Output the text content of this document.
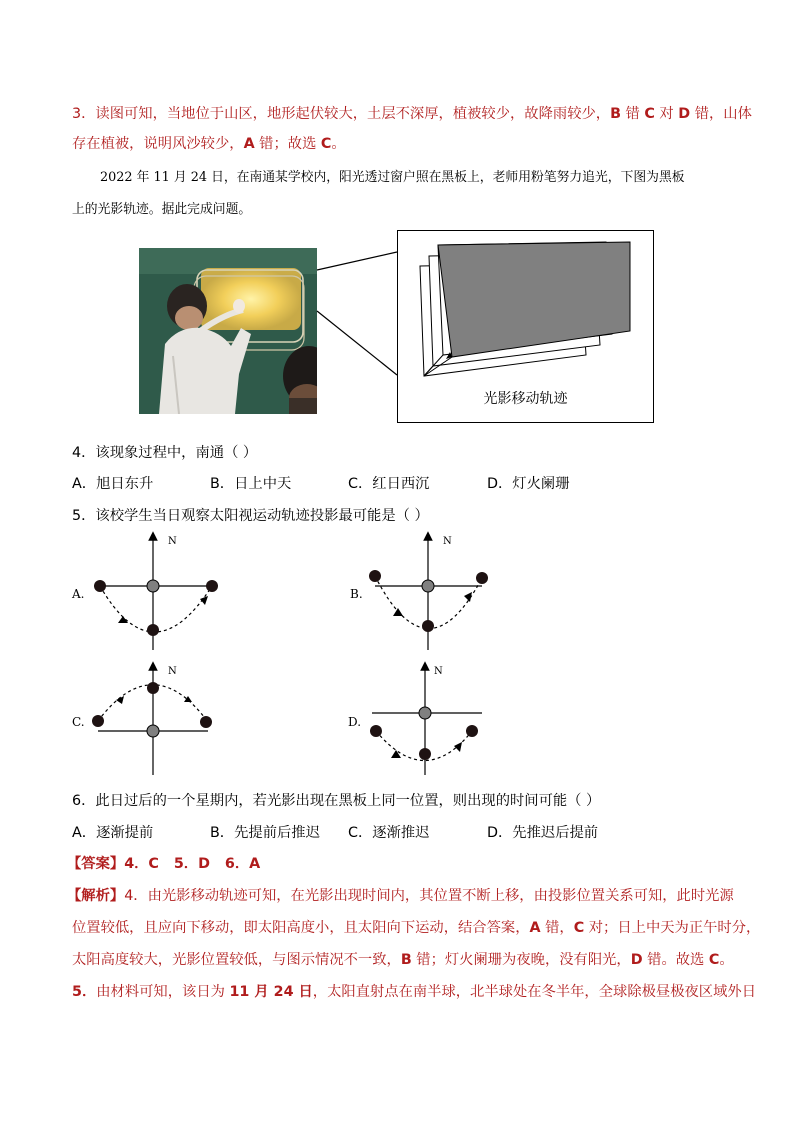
3．读图可知，当地位于山区，地形起伏较大，土层不深厚，植被较少，故降雨较少，B 错 C 对 D 错，山体
存在植被，说明风沙较少，A 错；故选 C。
2022 年 11 月 24 日，在南通某学校内，阳光透过窗户照在黑板上，老师用粉笔努力追光，下图为黑板
上的光影轨迹。据此完成问题。
光影移动轨迹
4．该现象过程中，南通（ ）
A．旭日东升	B．日上中天	C．红日西沉	D．灯火阑珊
5．该校学生当日观察太阳视运动轨迹投影最可能是（ ）
A.
N
B.
N
C.
N
D.
N
6．此日过后的一个星期内，若光影出现在黑板上同一位置，则出现的时间可能（ ）
A．逐渐提前	B．先提前后推迟 C．逐渐推迟	D．先推迟后提前
【答案】4．C   5．D   6．A
【解析】4．由光影移动轨迹可知，在光影出现时间内，其位置不断上移，由投影位置关系可知，此时光源
位置较低，且应向下移动，即太阳高度小，且太阳向下运动，结合答案，A 错，C 对；日上中天为正午时分，
太阳高度较大，光影位置较低，与图示情况不一致，B 错；灯火阑珊为夜晚，没有阳光，D 错。故选 C。
5．由材料可知，该日为 11 月 24 日，太阳直射点在南半球，北半球处在冬半年，全球除极昼极夜区域外日
